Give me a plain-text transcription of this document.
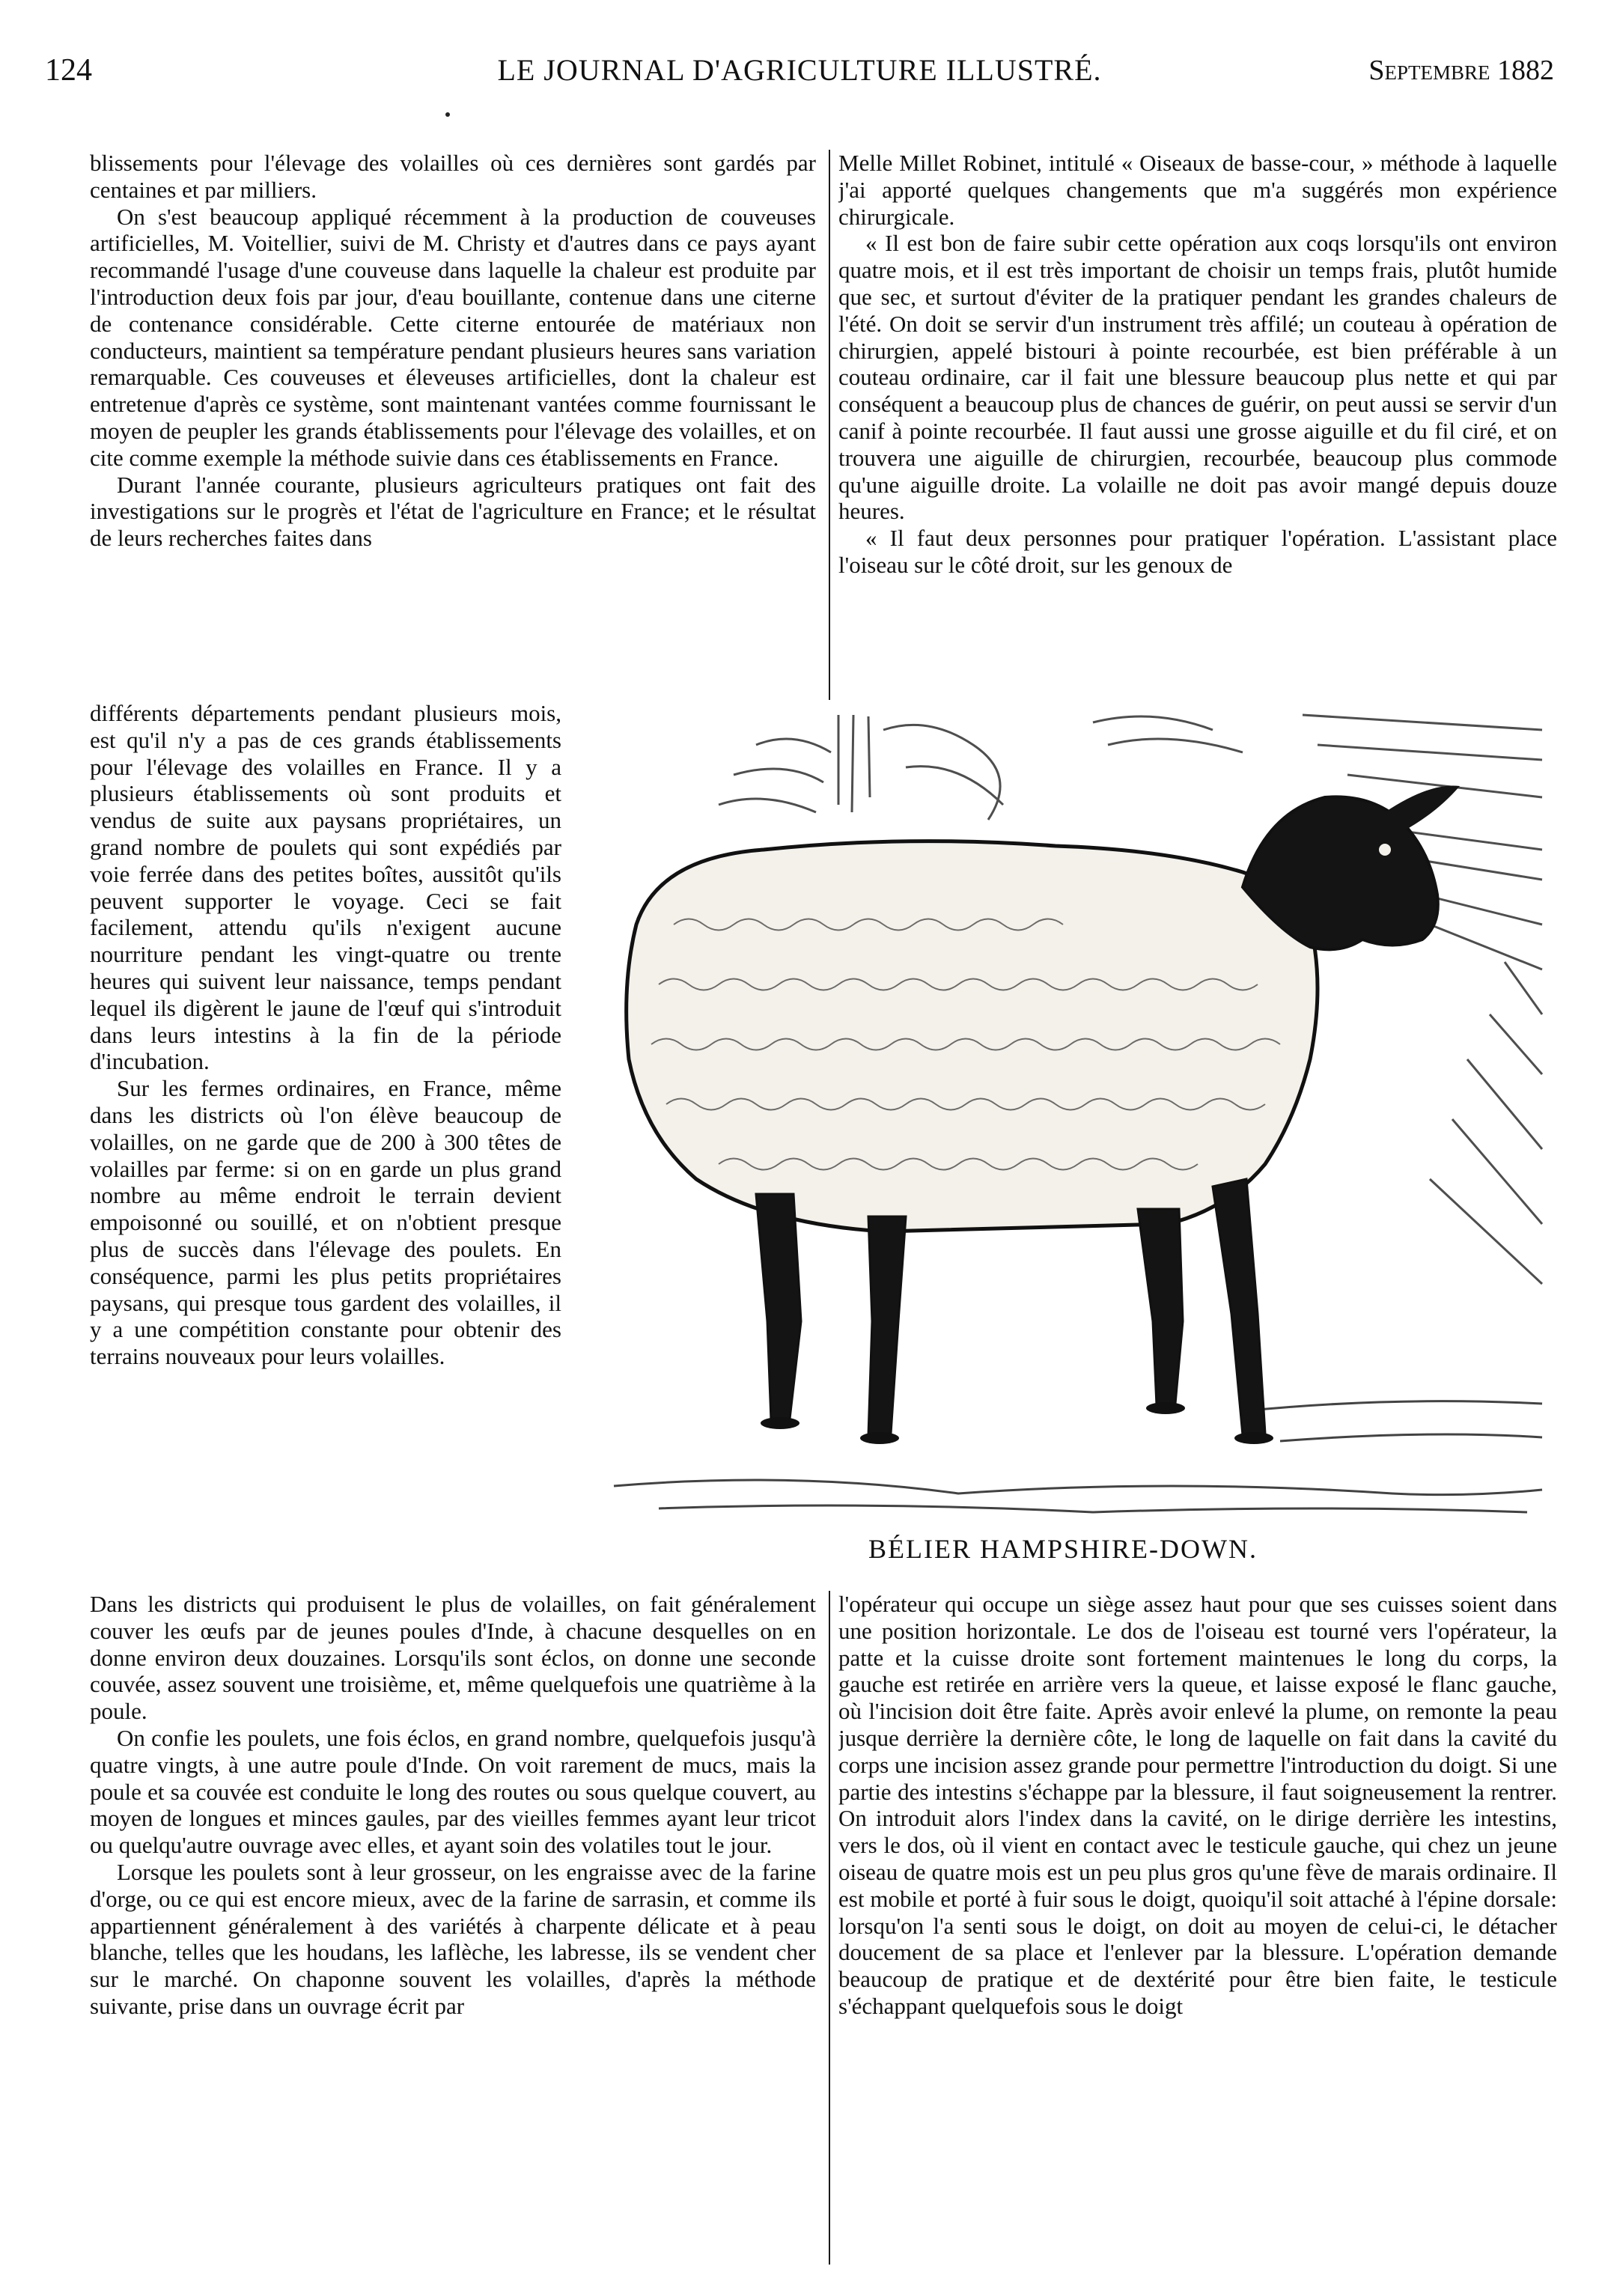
124	LE JOURNAL D'AGRICULTURE ILLUSTRÉ.	Septembre 1882

blissements pour l'élevage des volailles où ces dernières sont gardés par centaines et par milliers.

On s'est beaucoup appliqué récemment à la production de couveuses artificielles, M. Voitellier, suivi de M. Christy et d'autres dans ce pays ayant recommandé l'usage d'une couveuse dans laquelle la chaleur est produite par l'introduction deux fois par jour, d'eau bouillante, contenue dans une citerne de contenance considérable. Cette citerne entourée de matériaux non conducteurs, maintient sa température pendant plusieurs heures sans variation remarquable. Ces couveuses et éleveuses artificielles, dont la chaleur est entretenue d'après ce système, sont maintenant vantées comme fournissant le moyen de peupler les grands établissements pour l'élevage des volailles, et on cite comme exemple la méthode suivie dans ces établissements en France.

Durant l'année courante, plusieurs agriculteurs pratiques ont fait des investigations sur le progrès et l'état de l'agriculture en France; et le résultat de leurs recherches faites dans

Melle Millet Robinet, intitulé « Oiseaux de basse-cour, » méthode à laquelle j'ai apporté quelques changements que m'a suggérés mon expérience chirurgicale.

« Il est bon de faire subir cette opération aux coqs lorsqu'ils ont environ quatre mois, et il est très important de choisir un temps frais, plutôt humide que sec, et surtout d'éviter de la pratiquer pendant les grandes chaleurs de l'été. On doit se servir d'un instrument très affilé; un couteau à opération de chirurgien, appelé bistouri à pointe recourbée, est bien préférable à un couteau ordinaire, car il fait une blessure beaucoup plus nette et qui par conséquent a beaucoup plus de chances de guérir, on peut aussi se servir d'un canif à pointe recourbée. Il faut aussi une grosse aiguille et du fil ciré, et on trouvera une aiguille de chirurgien, recourbée, beaucoup plus commode qu'une aiguille droite. La volaille ne doit pas avoir mangé depuis douze heures.

« Il faut deux personnes pour pratiquer l'opération. L'assistant place l'oiseau sur le côté droit, sur les genoux de

différents départements pendant plusieurs mois, est qu'il n'y a pas de ces grands établissements pour l'élevage des volailles en France. Il y a plusieurs établissements où sont produits et vendus de suite aux paysans propriétaires, un grand nombre de poulets qui sont expédiés par voie ferrée dans des petites boîtes, aussitôt qu'ils peuvent supporter le voyage. Ceci se fait facilement, attendu qu'ils n'exigent aucune nourriture pendant les vingt-quatre ou trente heures qui suivent leur naissance, temps pendant lequel ils digèrent le jaune de l'œuf qui s'introduit dans leurs intestins à la fin de la période d'incubation.

Sur les fermes ordinaires, en France, même dans les districts où l'on élève beaucoup de volailles, on ne garde que de 200 à 300 têtes de volailles par ferme: si on en garde un plus grand nombre au même endroit le terrain devient empoisonné ou souillé, et on n'obtient presque plus de succès dans l'élevage des poulets. En conséquence, parmi les plus petits propriétaires paysans, qui presque tous gardent des volailles, il y a une compétition constante pour obtenir des terrains nouveaux pour leurs volailles.

BÉLIER HAMPSHIRE-DOWN.

Dans les districts qui produisent le plus de volailles, on fait généralement couver les œufs par de jeunes poules d'Inde, à chacune desquelles on en donne environ deux douzaines. Lorsqu'ils sont éclos, on donne une seconde couvée, assez souvent une troisième, et, même quelquefois une quatrième à la poule.

On confie les poulets, une fois éclos, en grand nombre, quelquefois jusqu'à quatre vingts, à une autre poule d'Inde. On voit rarement de mucs, mais la poule et sa couvée est conduite le long des routes ou sous quelque couvert, au moyen de longues et minces gaules, par des vieilles femmes ayant leur tricot ou quelqu'autre ouvrage avec elles, et ayant soin des volatiles tout le jour.

Lorsque les poulets sont à leur grosseur, on les engraisse avec de la farine d'orge, ou ce qui est encore mieux, avec de la farine de sarrasin, et comme ils appartiennent généralement à des variétés à charpente délicate et à peau blanche, telles que les houdans, les laflèche, les labresse, ils se vendent cher sur le marché. On chaponne souvent les volailles, d'après la méthode suivante, prise dans un ouvrage écrit par

l'opérateur qui occupe un siège assez haut pour que ses cuisses soient dans une position horizontale. Le dos de l'oiseau est tourné vers l'opérateur, la patte et la cuisse droite sont fortement maintenues le long du corps, la gauche est retirée en arrière vers la queue, et laisse exposé le flanc gauche, où l'incision doit être faite. Après avoir enlevé la plume, on remonte la peau jusque derrière la dernière côte, le long de laquelle on fait dans la cavité du corps une incision assez grande pour permettre l'introduction du doigt. Si une partie des intestins s'échappe par la blessure, il faut soigneusement la rentrer. On introduit alors l'index dans la cavité, on le dirige derrière les intestins, vers le dos, où il vient en contact avec le testicule gauche, qui chez un jeune oiseau de quatre mois est un peu plus gros qu'une fève de marais ordinaire. Il est mobile et porté à fuir sous le doigt, quoiqu'il soit attaché à l'épine dorsale: lorsqu'on l'a senti sous le doigt, on doit au moyen de celui-ci, le détacher doucement de sa place et l'enlever par la blessure. L'opération demande beaucoup de pratique et de dextérité pour être bien faite, le testicule s'échappant quelquefois sous le doigt
